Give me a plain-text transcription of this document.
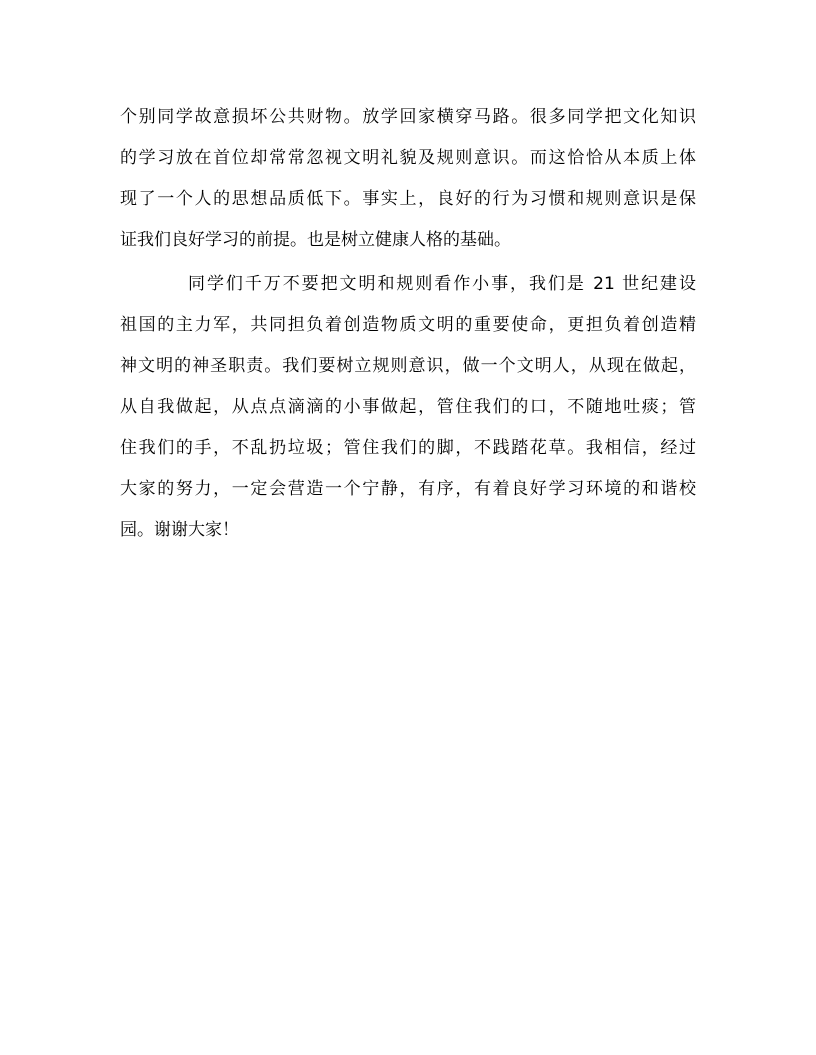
个别同学故意损坏公共财物。放学回家横穿马路。很多同学把文化知识
的学习放在首位却常常忽视文明礼貌及规则意识。而这恰恰从本质上体
现了一个人的思想品质低下。事实上，良好的行为习惯和规则意识是保
证我们良好学习的前提。也是树立健康人格的基础。
同学们千万不要把文明和规则看作小事，我们是 21 世纪建设
祖国的主力军，共同担负着创造物质文明的重要使命，更担负着创造精
神文明的神圣职责。我们要树立规则意识，做一个文明人，从现在做起，
从自我做起，从点点滴滴的小事做起，管住我们的口，不随地吐痰；管
住我们的手，不乱扔垃圾；管住我们的脚，不践踏花草。我相信，经过
大家的努力，一定会营造一个宁静，有序，有着良好学习环境的和谐校
园。谢谢大家！
